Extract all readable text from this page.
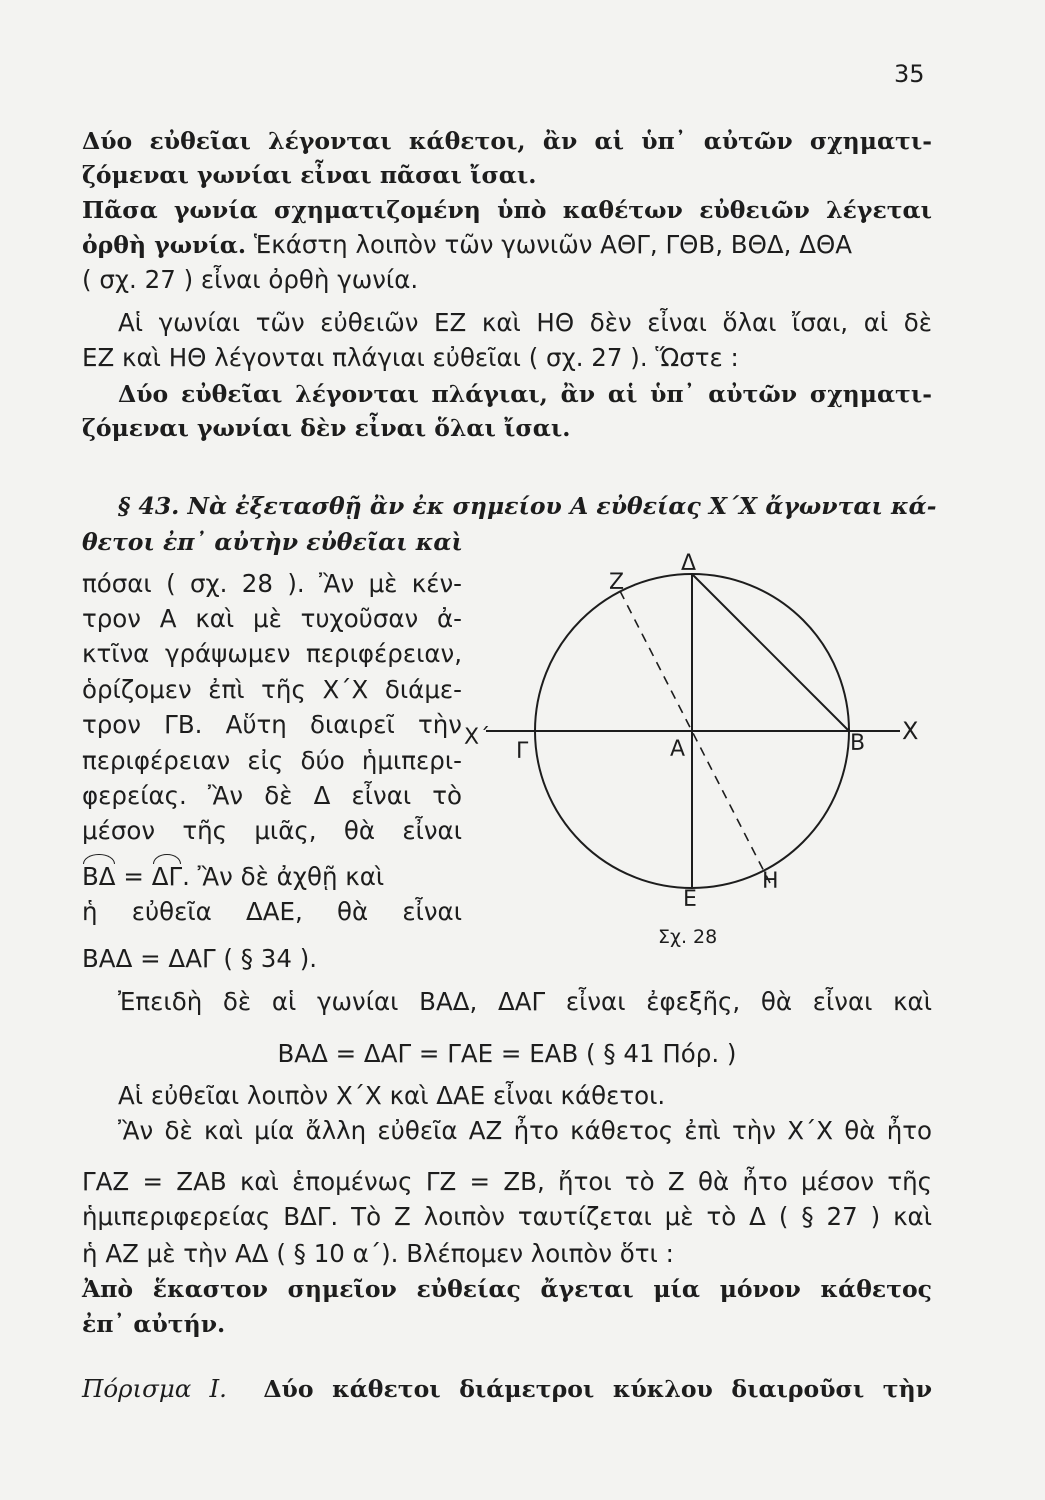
35
Δύο εὐθεῖαι λέγονται κάθετοι, ἂν αἱ ὑπ᾽ αὐτῶν σχηματι-
ζόμεναι γωνίαι εἶναι πᾶσαι ἴσαι.
Πᾶσα γωνία σχηματιζομένη ὑπὸ καθέτων εὐθειῶν λέγεται
ὀρθὴ γωνία. Ἑκάστη λοιπὸν τῶν γωνιῶν ΑΘΓ, ΓΘΒ, ΒΘΔ, ΔΘΑ
( σχ. 27 ) εἶναι ὀρθὴ γωνία.
Αἱ γωνίαι τῶν εὐθειῶν ΕΖ καὶ ΗΘ δὲν εἶναι ὅλαι ἴσαι, αἱ δὲ
ΕΖ καὶ ΗΘ λέγονται πλάγιαι εὐθεῖαι ( σχ. 27 ). Ὥστε :
Δύο εὐθεῖαι λέγονται πλάγιαι, ἂν αἱ ὑπ᾽ αὐτῶν σχηματι-
ζόμεναι γωνίαι δὲν εἶναι ὅλαι ἴσαι.
§ 43. Νὰ ἐξετασθῇ ἂν ἐκ σημείου Α εὐθείας Χ΄Χ ἄγωνται κά-
θετοι ἐπ᾽ αὐτὴν εὐθεῖαι καὶ
πόσαι ( σχ. 28 ). Ἂν μὲ κέν-
τρον Α καὶ μὲ τυχοῦσαν ἀ-
κτῖνα γράψωμεν περιφέρειαν,
ὁρίζομεν ἐπὶ τῆς Χ΄Χ διάμε-
τρον ΓΒ. Αὕτη διαιρεῖ τὴν
περιφέρειαν εἰς δύο ἡμιπερι-
φερείας. Ἂν δὲ Δ εἶναι τὸ
μέσον τῆς μιᾶς, θὰ εἶναι
ΒΔ = ΔΓ. Ἂν δὲ ἀχθῇ καὶ
ἡ εὐθεῖα ΔΑΕ, θὰ εἶναι
ΒΑΔ = ΔΑΓ ( § 34 ).
Ἐπειδὴ δὲ αἱ γωνίαι ΒΑΔ, ΔΑΓ εἶναι ἐφεξῆς, θὰ εἶναι καὶ
ΒΑΔ = ΔΑΓ = ΓΑΕ = ΕΑΒ ( § 41 Πόρ. )
Αἱ εὐθεῖαι λοιπὸν Χ΄Χ καὶ ΔΑΕ εἶναι κάθετοι.
Ἂν δὲ καὶ μία ἄλλη εὐθεῖα ΑΖ ἦτο κάθετος ἐπὶ τὴν Χ΄Χ θὰ ἦτο
ΓΑΖ = ΖΑΒ καὶ ἑπομένως ΓΖ = ΖΒ, ἤτοι τὸ Ζ θὰ ἦτο μέσον τῆς
ἡμιπεριφερείας ΒΔΓ. Τὸ Ζ λοιπὸν ταυτίζεται μὲ τὸ Δ ( § 27 ) καὶ
ἡ ΑΖ μὲ τὴν ΑΔ ( § 10 α΄). Βλέπομεν λοιπὸν ὅτι :
Ἀπὸ ἕκαστον σημεῖον εὐθείας ἄγεται μία μόνον κάθετος
ἐπ᾽ αὐτήν.
Πόρισμα Ι. Δύο κάθετοι διάμετροι κύκλου διαιροῦσι τὴν
Ζ
Δ
Χ΄
Γ	Α	Β Χ
Ε
Η
Σχ. 28
